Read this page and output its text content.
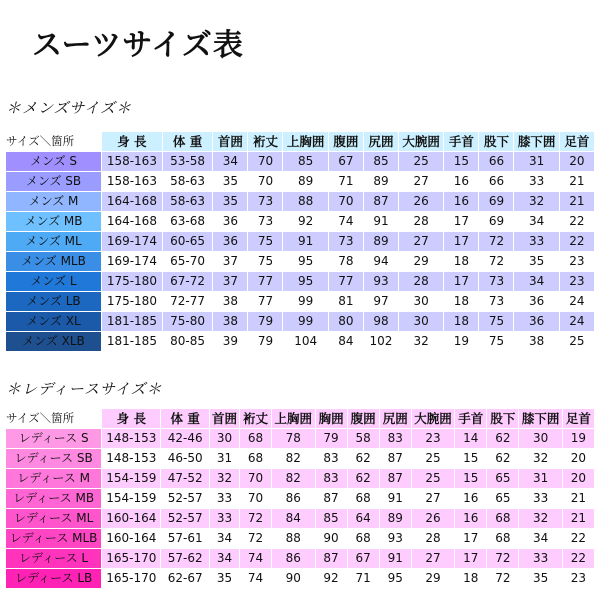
スーツサイズ表
＊メンズサイズ＊
サイズ＼箇所	身 長	体 重	首囲	裄丈	上胸囲	腹囲	尻囲	大腕囲	手首	股下	膝下囲	足首
メンズ S	158-163	53-58	34	70	85	67	85	25	15	66	31	20
メンズ SB	158-163	58-63	35	70	89	71	89	27	16	66	33	21
メンズ M	164-168	58-63	35	73	88	70	87	26	16	69	32	21
メンズ MB	164-168	63-68	36	73	92	74	91	28	17	69	34	22
メンズ ML	169-174	60-65	36	75	91	73	89	27	17	72	33	22
メンズ MLB	169-174	65-70	37	75	95	78	94	29	18	72	35	23
メンズ L	175-180	67-72	37	77	95	77	93	28	17	73	34	23
メンズ LB	175-180	72-77	38	77	99	81	97	30	18	73	36	24
メンズ XL	181-185	75-80	38	79	99	80	98	30	18	75	36	24
メンズ XLB	181-185	80-85	39	79	104	84	102	32	19	75	38	25
＊レディースサイズ＊
サイズ＼箇所	身 長	体 重	首囲	裄丈	上胸囲	胸囲	腹囲	尻囲	大腕囲	手首	股下	膝下囲	足首
レディース S	148-153	42-46	30	68	78	79	58	83	23	14	62	30	19
レディース SB	148-153	46-50	31	68	82	83	62	87	25	15	62	32	20
レディース M	154-159	47-52	32	70	82	83	62	87	25	15	65	31	20
レディース MB	154-159	52-57	33	70	86	87	68	91	27	16	65	33	21
レディース ML	160-164	52-57	33	72	84	85	64	89	26	16	68	32	21
レディース MLB	160-164	57-61	34	72	88	90	68	93	28	17	68	34	22
レディース L	165-170	57-62	34	74	86	87	67	91	27	17	72	33	22
レディース LB	165-170	62-67	35	74	90	92	71	95	29	18	72	35	23
